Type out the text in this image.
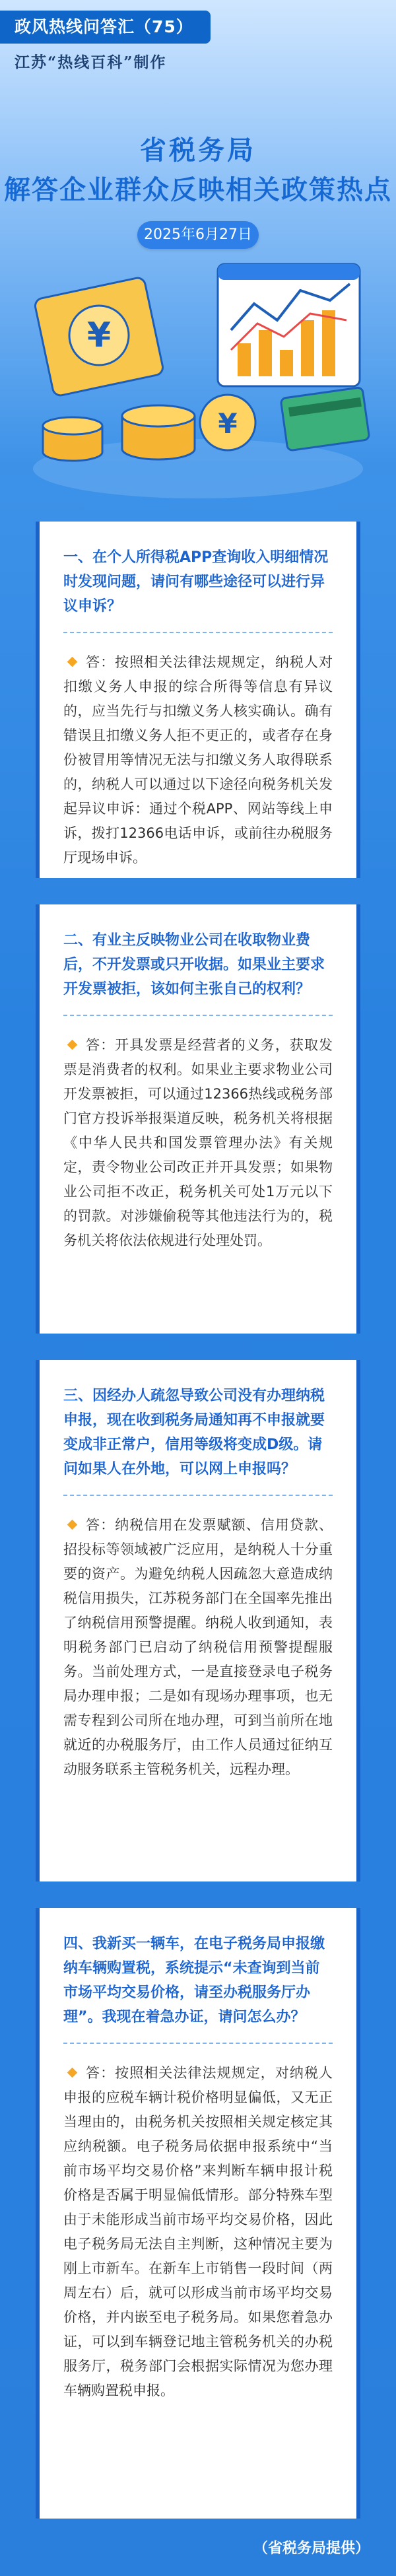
政风热线问答汇（75）
江苏“热线百科”制作
省税务局
解答企业群众反映相关政策热点
2025年6月27日
¥
¥
一、在个人所得税APP查询收入明细情况时发现问题，请问有哪些途径可以进行异议申诉？
答：按照相关法律法规规定，纳税人对扣缴义务人申报的综合所得等信息有异议的，应当先行与扣缴义务人核实确认。确有错误且扣缴义务人拒不更正的，或者存在身份被冒用等情况无法与扣缴义务人取得联系的，纳税人可以通过以下途径向税务机关发起异议申诉：通过个税APP、网站等线上申诉，拨打12366电话申诉，或前往办税服务厅现场申诉。
二、有业主反映物业公司在收取物业费后，不开发票或只开收据。如果业主要求开发票被拒，该如何主张自己的权利？
答：开具发票是经营者的义务，获取发票是消费者的权利。如果业主要求物业公司开发票被拒，可以通过12366热线或税务部门官方投诉举报渠道反映，税务机关将根据《中华人民共和国发票管理办法》有关规定，责令物业公司改正并开具发票；如果物业公司拒不改正，税务机关可处1万元以下的罚款。对涉嫌偷税等其他违法行为的，税务机关将依法依规进行处理处罚。
三、因经办人疏忽导致公司没有办理纳税申报，现在收到税务局通知再不申报就要变成非正常户，信用等级将变成D级。请问如果人在外地，可以网上申报吗？
答：纳税信用在发票赋额、信用贷款、招投标等领域被广泛应用，是纳税人十分重要的资产。为避免纳税人因疏忽大意造成纳税信用损失，江苏税务部门在全国率先推出了纳税信用预警提醒。纳税人收到通知，表明税务部门已启动了纳税信用预警提醒服务。当前处理方式，一是直接登录电子税务局办理申报；二是如有现场办理事项，也无需专程到公司所在地办理，可到当前所在地就近的办税服务厅，由工作人员通过征纳互动服务联系主管税务机关，远程办理。
四、我新买一辆车，在电子税务局申报缴纳车辆购置税，系统提示“未查询到当前市场平均交易价格，请至办税服务厅办理”。我现在着急办证，请问怎么办？
答：按照相关法律法规规定，对纳税人申报的应税车辆计税价格明显偏低，又无正当理由的，由税务机关按照相关规定核定其应纳税额。电子税务局依据申报系统中“当前市场平均交易价格”来判断车辆申报计税价格是否属于明显偏低情形。部分特殊车型由于未能形成当前市场平均交易价格，因此电子税务局无法自主判断，这种情况主要为刚上市新车。在新车上市销售一段时间（两周左右）后，就可以形成当前市场平均交易价格，并内嵌至电子税务局。如果您着急办证，可以到车辆登记地主管税务机关的办税服务厅，税务部门会根据实际情况为您办理车辆购置税申报。
（省税务局提供）
